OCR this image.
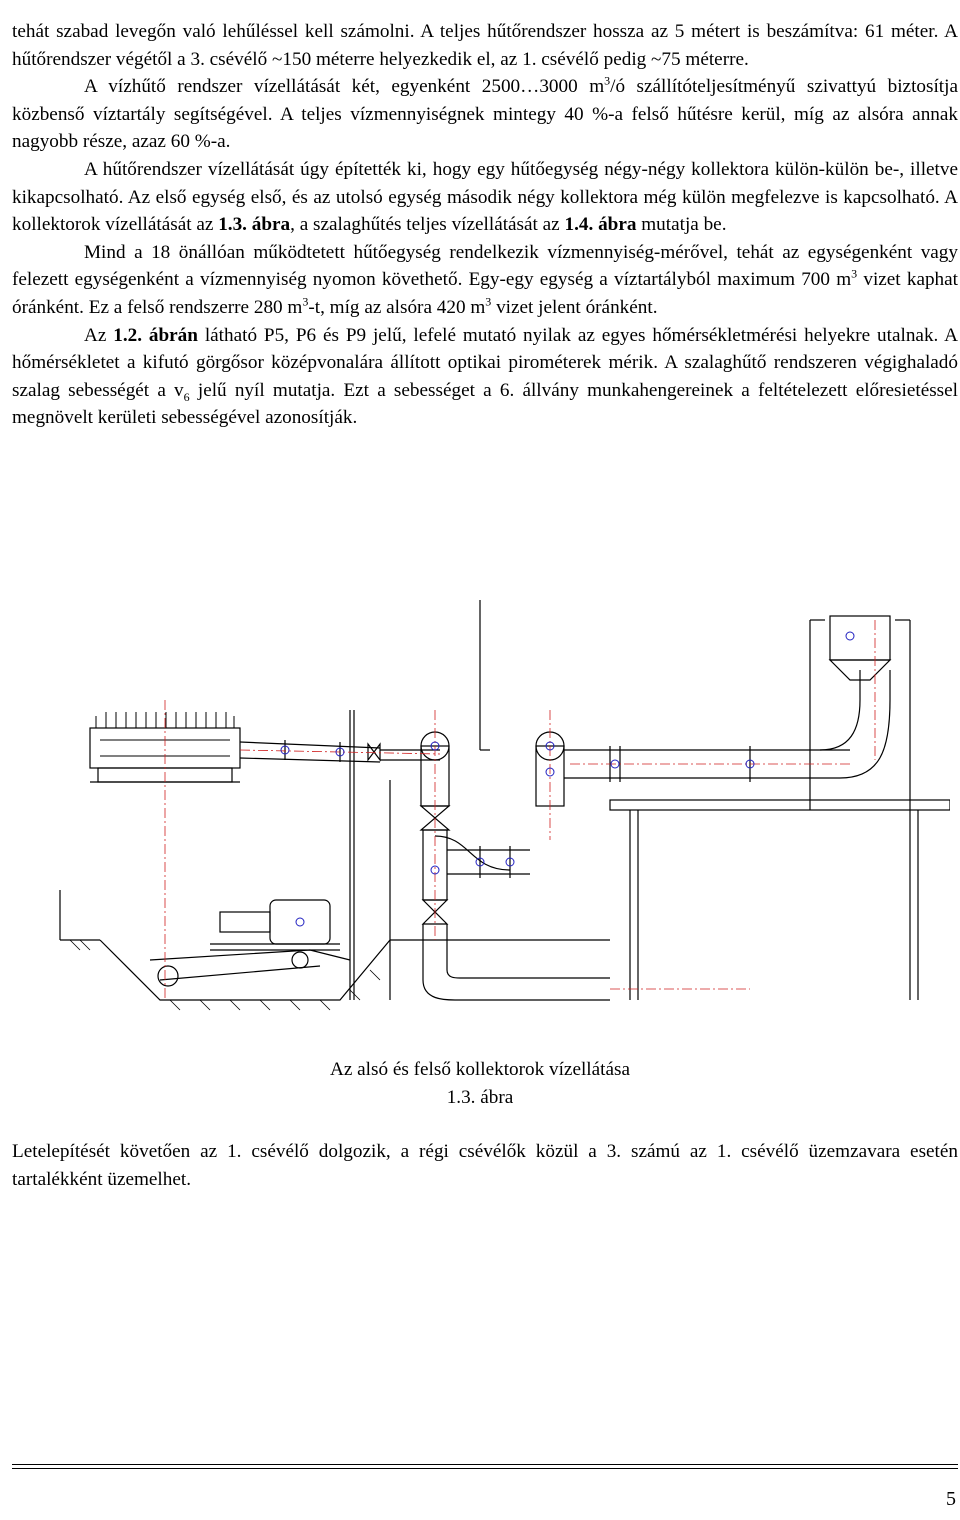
tehát szabad levegőn való lehűléssel kell számolni. A teljes hűtőrendszer hossza az 5 métert is beszámítva: 61 méter. A hűtőrendszer végétől a 3. csévélő ~150 méterre helyezkedik el, az 1. csévélő pedig ~75 méterre.

A vízhűtő rendszer vízellátását két, egyenként 2500…3000 $m^3/ó$ szállítóteljesítményű szivattyú biztosítja közbenső víztartály segítségével. A teljes vízmennyiségnek mintegy 40 %-a felső hűtésre kerül, míg az alsóra annak nagyobb része, azaz 60 %-a.

A hűtőrendszer vízellátását úgy építették ki, hogy egy hűtőegység négy-négy kollektora külön-külön be-, illetve kikapcsolható. Az első egység első, és az utolsó egység második négy kollektora még külön megfelezve is kapcsolható. A kollektorok vízellátását az 1.3. ábra, a szalaghűtés teljes vízellátását az 1.4. ábra mutatja be.

Mind a 18 önállóan működtetett hűtőegység rendelkezik vízmennyiség-mérővel, tehát az egységenként vagy felezett egységenként a vízmennyiség nyomon követhető. Egy-egy egység a víztartályból maximum 700 $m^3$ vizet kaphat óránként. Ez a felső rendszerre 280 $m^3-t$, míg az alsóra 420 $m^3$ vizet jelent óránként.

Az 1.2. ábrán látható P5, P6 és P9 jelű, lefelé mutató nyilak az egyes hőmérsékletmérési helyekre utalnak. A hőmérsékletet a kifutó görgősor középvonalára állított optikai pirométerek mérik. A szalaghűtő rendszeren végighaladó szalag sebességét a $v_6$ jelű nyíl mutatja. Ezt a sebességet a 6. állvány munkahengereinek a feltételezett előresietéssel megnövelt kerületi sebességével azonosítják.

Az alsó és felső kollektorok vízellátása
1.3. ábra

Letelepítését követően az 1. csévélő dolgozik, a régi csévélők közül a 3. számú az 1. csévélő üzemzavara esetén tartalékként üzemelhet.

5
